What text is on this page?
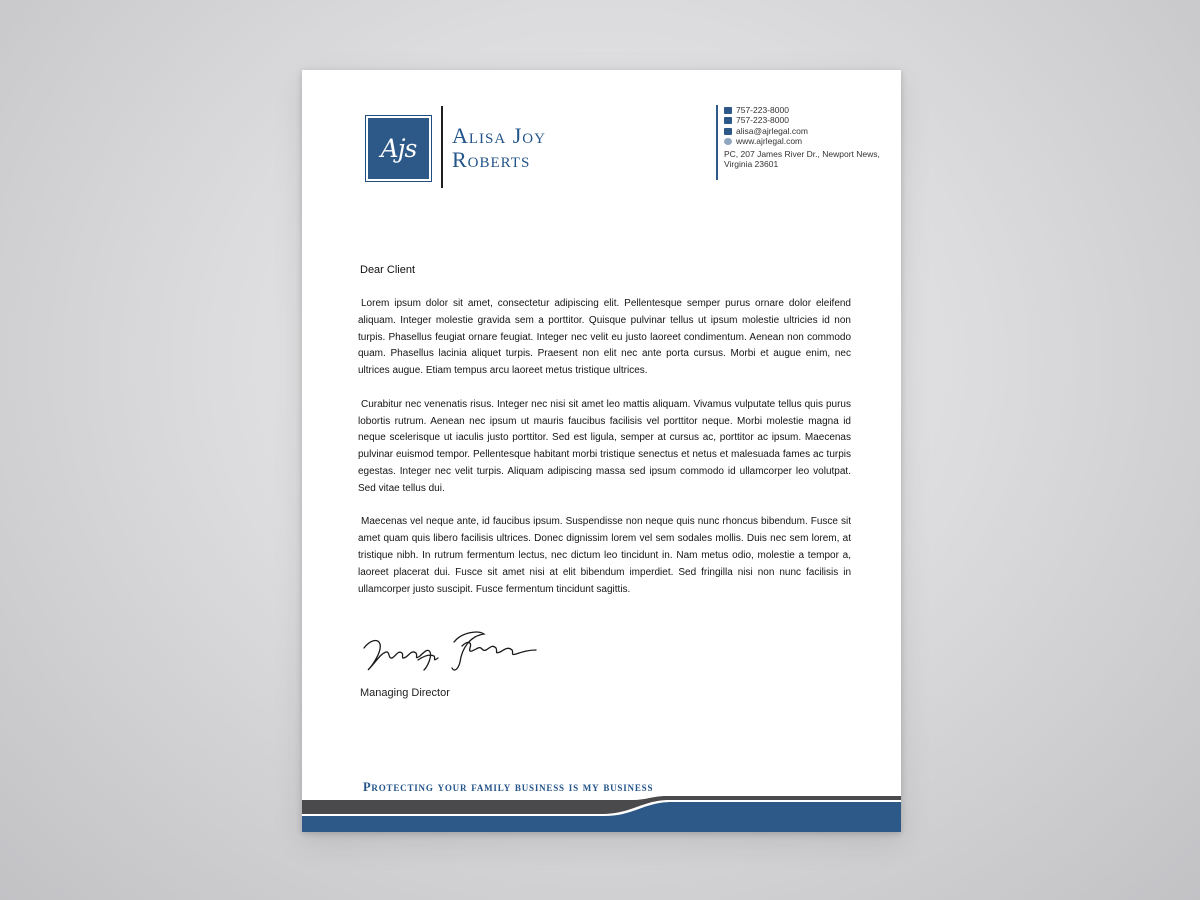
Ajs Alisa Joy
Roberts
757-223-8000
757-223-8000
alisa@ajrlegal.com
www.ajrlegal.com
PC, 207 James River Dr., Newport News,
Virginia 23601
Dear Client

Lorem ipsum dolor sit amet, consectetur adipiscing elit. Pellentesque semper purus ornare dolor eleifend aliquam. Integer molestie gravida sem a porttitor. Quisque pulvinar tellus ut ipsum molestie ultricies id non turpis. Phasellus feugiat ornare feugiat. Integer nec velit eu justo laoreet condimentum. Aenean non commodo quam. Phasellus lacinia aliquet turpis. Praesent non elit nec ante porta cursus. Morbi et augue enim, nec ultrices augue. Etiam tempus arcu laoreet metus tristique ultrices.

Curabitur nec venenatis risus. Integer nec nisi sit amet leo mattis aliquam. Vivamus vulputate tellus quis purus lobortis rutrum. Aenean nec ipsum ut mauris faucibus facilisis vel porttitor neque. Morbi molestie magna id neque scelerisque ut iaculis justo porttitor. Sed est ligula, semper at cursus ac, porttitor ac ipsum. Maecenas pulvinar euismod tempor. Pellentesque habitant morbi tristique senectus et netus et malesuada fames ac turpis egestas. Integer nec velit turpis. Aliquam adipiscing massa sed ipsum commodo id ullamcorper leo volutpat. Sed vitae tellus dui.

Maecenas vel neque ante, id faucibus ipsum. Suspendisse non neque quis nunc rhoncus bibendum. Fusce sit amet quam quis libero facilisis ultrices. Donec dignissim lorem vel sem sodales mollis. Duis nec sem lorem, at tristique nibh. In rutrum fermentum lectus, nec dictum leo tincidunt in. Nam metus odio, molestie a tempor a, laoreet placerat dui. Fusce sit amet nisi at elit bibendum imperdiet. Sed fringilla nisi non nunc facilisis in ullamcorper justo suscipit. Fusce fermentum tincidunt sagittis.

Managing Director
Protecting your family business is my business
